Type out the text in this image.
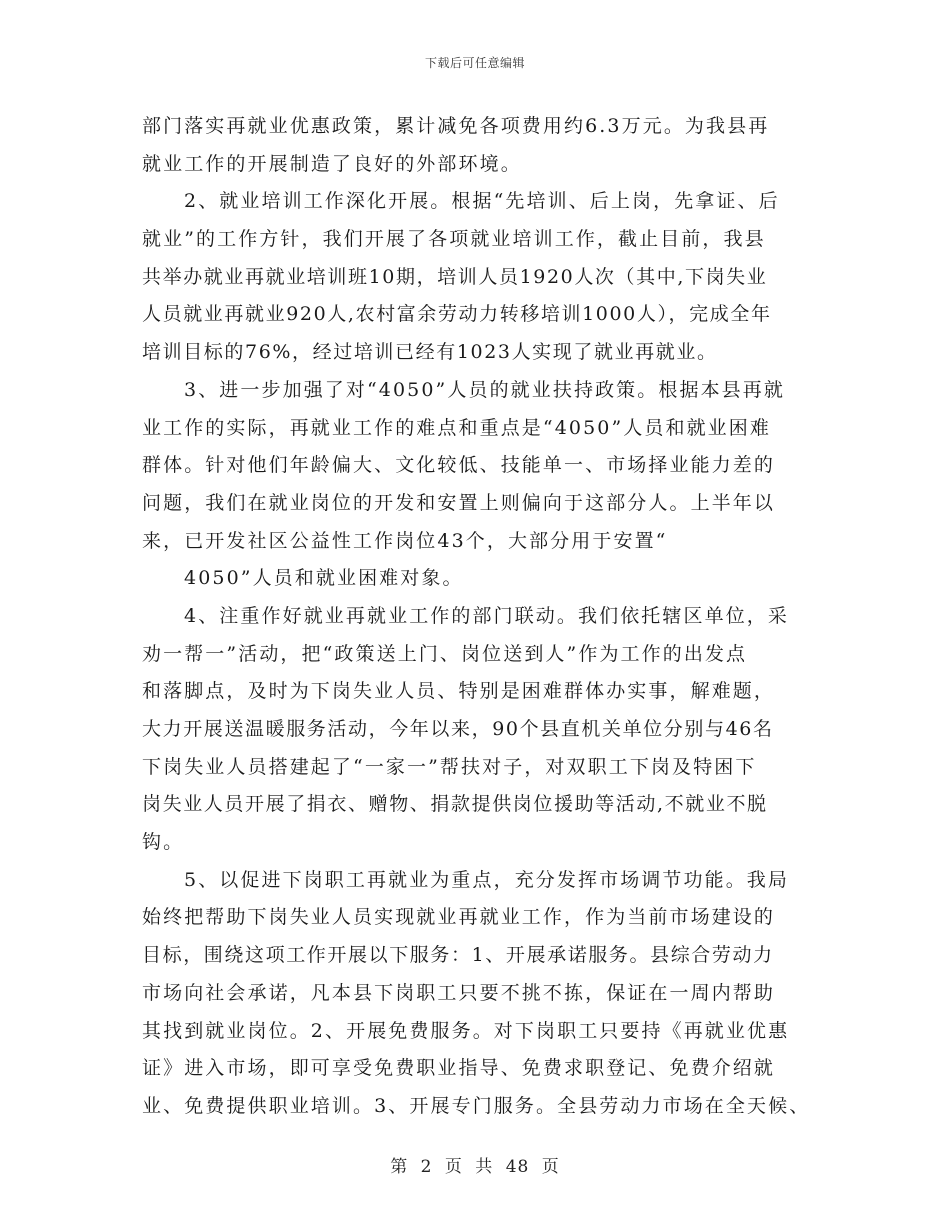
下载后可任意编辑
部门落实再就业优惠政策，累计减免各项费用约6.3万元。为我县再
就业工作的开展制造了良好的外部环境。
2、就业培训工作深化开展。根据“先培训、后上岗，先拿证、后
就业”的工作方针，我们开展了各项就业培训工作，截止目前，我县
共举办就业再就业培训班10期，培训人员1920人次（其中,下岗失业
人员就业再就业920人,农村富余劳动力转移培训1000人），完成全年
培训目标的76%，经过培训已经有1023人实现了就业再就业。
3、进一步加强了对“4050”人员的就业扶持政策。根据本县再就
业工作的实际，再就业工作的难点和重点是“4050”人员和就业困难
群体。针对他们年龄偏大、文化较低、技能单一、市场择业能力差的
问题，我们在就业岗位的开发和安置上则偏向于这部分人。上半年以
来，已开发社区公益性工作岗位43个，大部分用于安置“
4050”人员和就业困难对象。
4、注重作好就业再就业工作的部门联动。我们依托辖区单位，采
劝一帮一”活动，把“政策送上门、岗位送到人”作为工作的出发点
和落脚点，及时为下岗失业人员、特别是困难群体办实事，解难题，
大力开展送温暖服务活动，今年以来，90个县直机关单位分别与46名
下岗失业人员搭建起了“一家一”帮扶对子，对双职工下岗及特困下
岗失业人员开展了捐衣、赠物、捐款提供岗位援助等活动,不就业不脱
钩。
5、以促进下岗职工再就业为重点，充分发挥市场调节功能。我局
始终把帮助下岗失业人员实现就业再就业工作，作为当前市场建设的
目标，围绕这项工作开展以下服务：1、开展承诺服务。县综合劳动力
市场向社会承诺，凡本县下岗职工只要不挑不拣，保证在一周内帮助
其找到就业岗位。2、开展免费服务。对下岗职工只要持《再就业优惠
证》进入市场，即可享受免费职业指导、免费求职登记、免费介绍就
业、免费提供职业培训。3、开展专门服务。全县劳动力市场在全天候、
第 2 页 共 48 页
